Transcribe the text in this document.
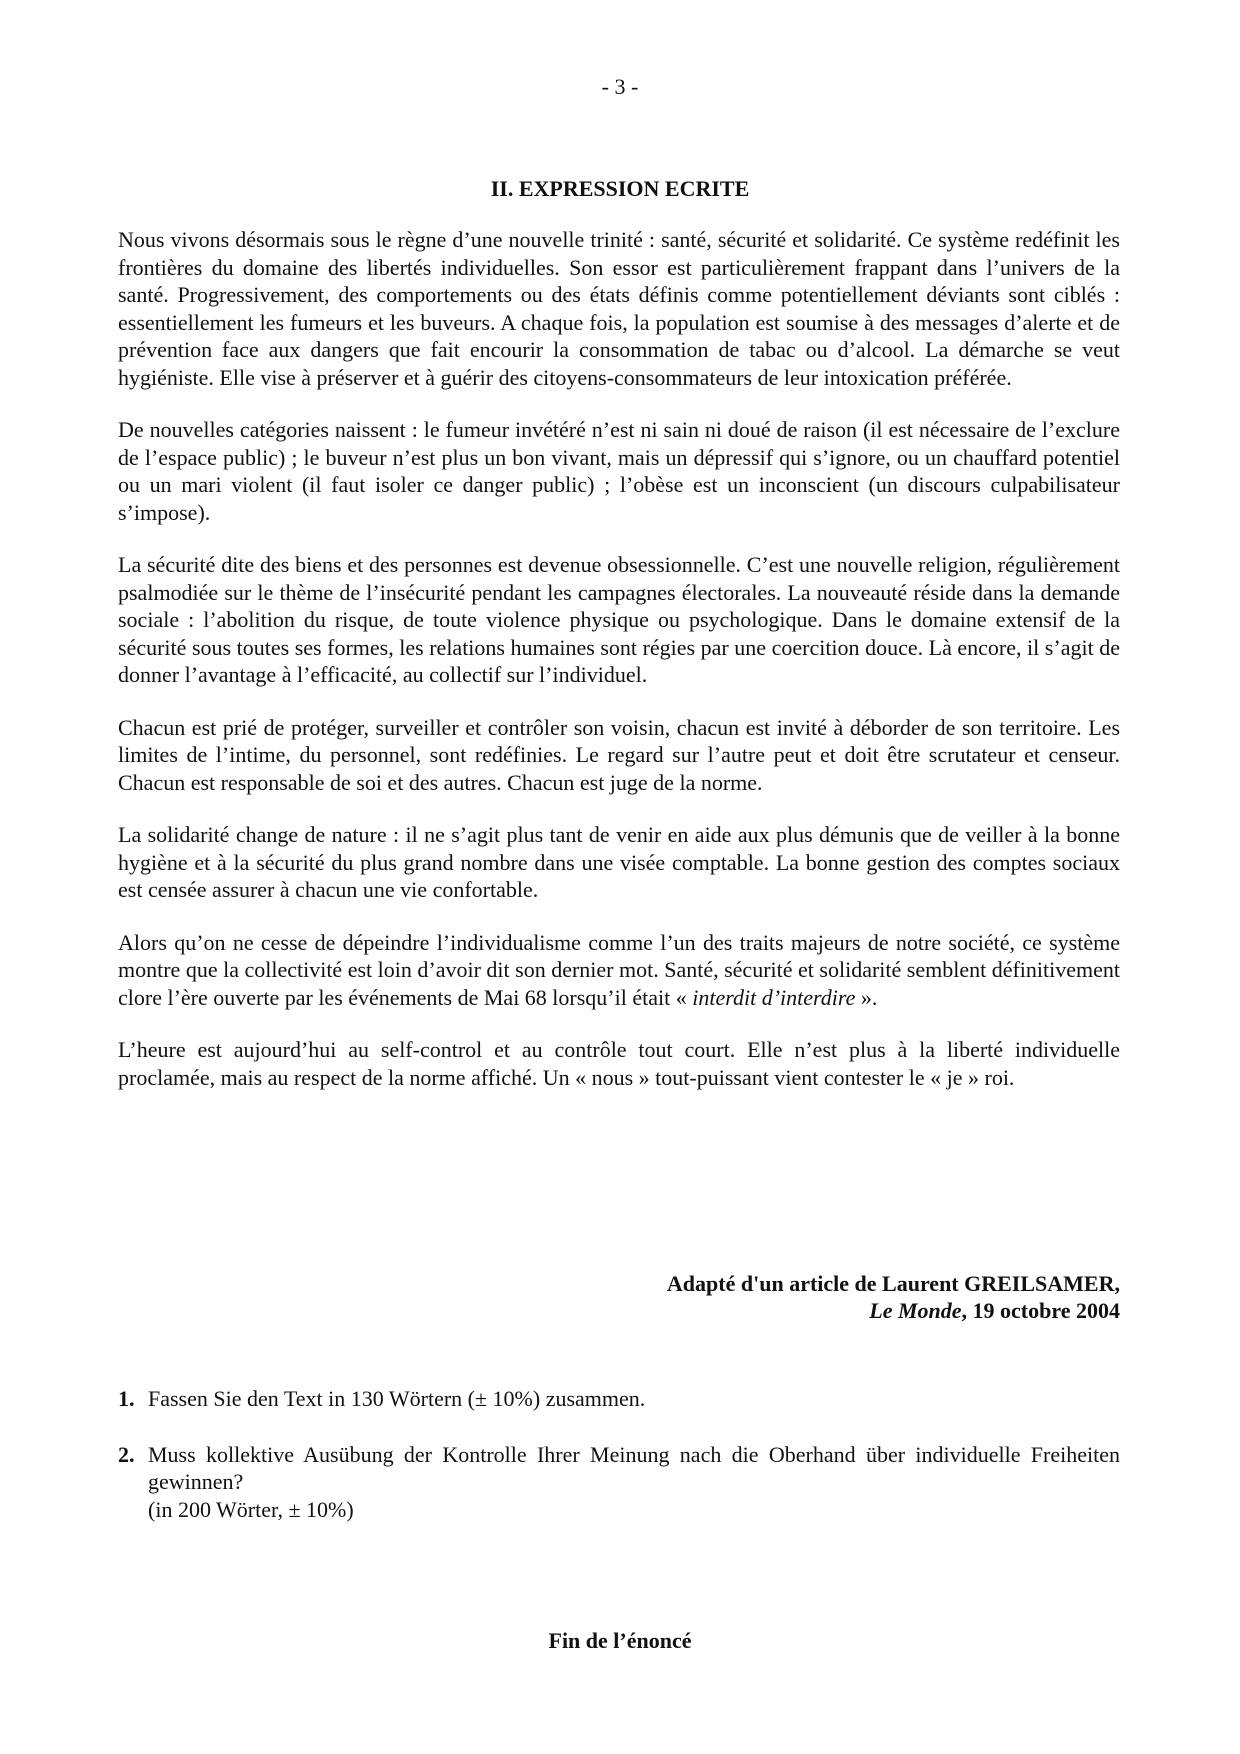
- 3 -
II. EXPRESSION ECRITE

Nous vivons désormais sous le règne d’une nouvelle trinité : santé, sécurité et solidarité. Ce système redéfinit les frontières du domaine des libertés individuelles. Son essor est particulièrement frappant dans l’univers de la santé. Progressivement, des comportements ou des états définis comme potentiellement déviants sont ciblés : essentiellement les fumeurs et les buveurs. A chaque fois, la population est soumise à des messages d’alerte et de prévention face aux dangers que fait encourir la consommation de tabac ou d’alcool. La démarche se veut hygiéniste. Elle vise à préserver et à guérir des citoyens-consommateurs de leur intoxication préférée.

De nouvelles catégories naissent : le fumeur invétéré n’est ni sain ni doué de raison (il est nécessaire de l’exclure de l’espace public) ; le buveur n’est plus un bon vivant, mais un dépressif qui s’ignore, ou un chauffard potentiel ou un mari violent (il faut isoler ce danger public) ; l’obèse est un inconscient (un discours culpabilisateur s’impose).

La sécurité dite des biens et des personnes est devenue obsessionnelle. C’est une nouvelle religion, régulièrement psalmodiée sur le thème de l’insécurité pendant les campagnes électorales. La nouveauté réside dans la demande sociale : l’abolition du risque, de toute violence physique ou psychologique. Dans le domaine extensif de la sécurité sous toutes ses formes, les relations humaines sont régies par une coercition douce. Là encore, il s’agit de donner l’avantage à l’efficacité, au collectif sur l’individuel.

Chacun est prié de protéger, surveiller et contrôler son voisin, chacun est invité à déborder de son territoire. Les limites de l’intime, du personnel, sont redéfinies. Le regard sur l’autre peut et doit être scrutateur et censeur. Chacun est responsable de soi et des autres. Chacun est juge de la norme.

La solidarité change de nature : il ne s’agit plus tant de venir en aide aux plus démunis que de veiller à la bonne hygiène et à la sécurité du plus grand nombre dans une visée comptable. La bonne gestion des comptes sociaux est censée assurer à chacun une vie confortable.

Alors qu’on ne cesse de dépeindre l’individualisme comme l’un des traits majeurs de notre société, ce système montre que la collectivité est loin d’avoir dit son dernier mot. Santé, sécurité et solidarité semblent définitivement clore l’ère ouverte par les événements de Mai 68 lorsqu’il était « interdit d’interdire ».

L’heure est aujourd’hui au self-control et au contrôle tout court. Elle n’est plus à la liberté individuelle proclamée, mais au respect de la norme affiché. Un « nous » tout-puissant vient contester le « je » roi.

Adapté d'un article de Laurent GREILSAMER,
Le Monde, 19 octobre 2004
1. Fassen Sie den Text in 130 Wörtern (± 10%) zusammen.
2. Muss kollektive Ausübung der Kontrolle Ihrer Meinung nach die Oberhand über individuelle Freiheiten gewinnen?
(in 200 Wörter, ± 10%)
Fin de l’énoncé
